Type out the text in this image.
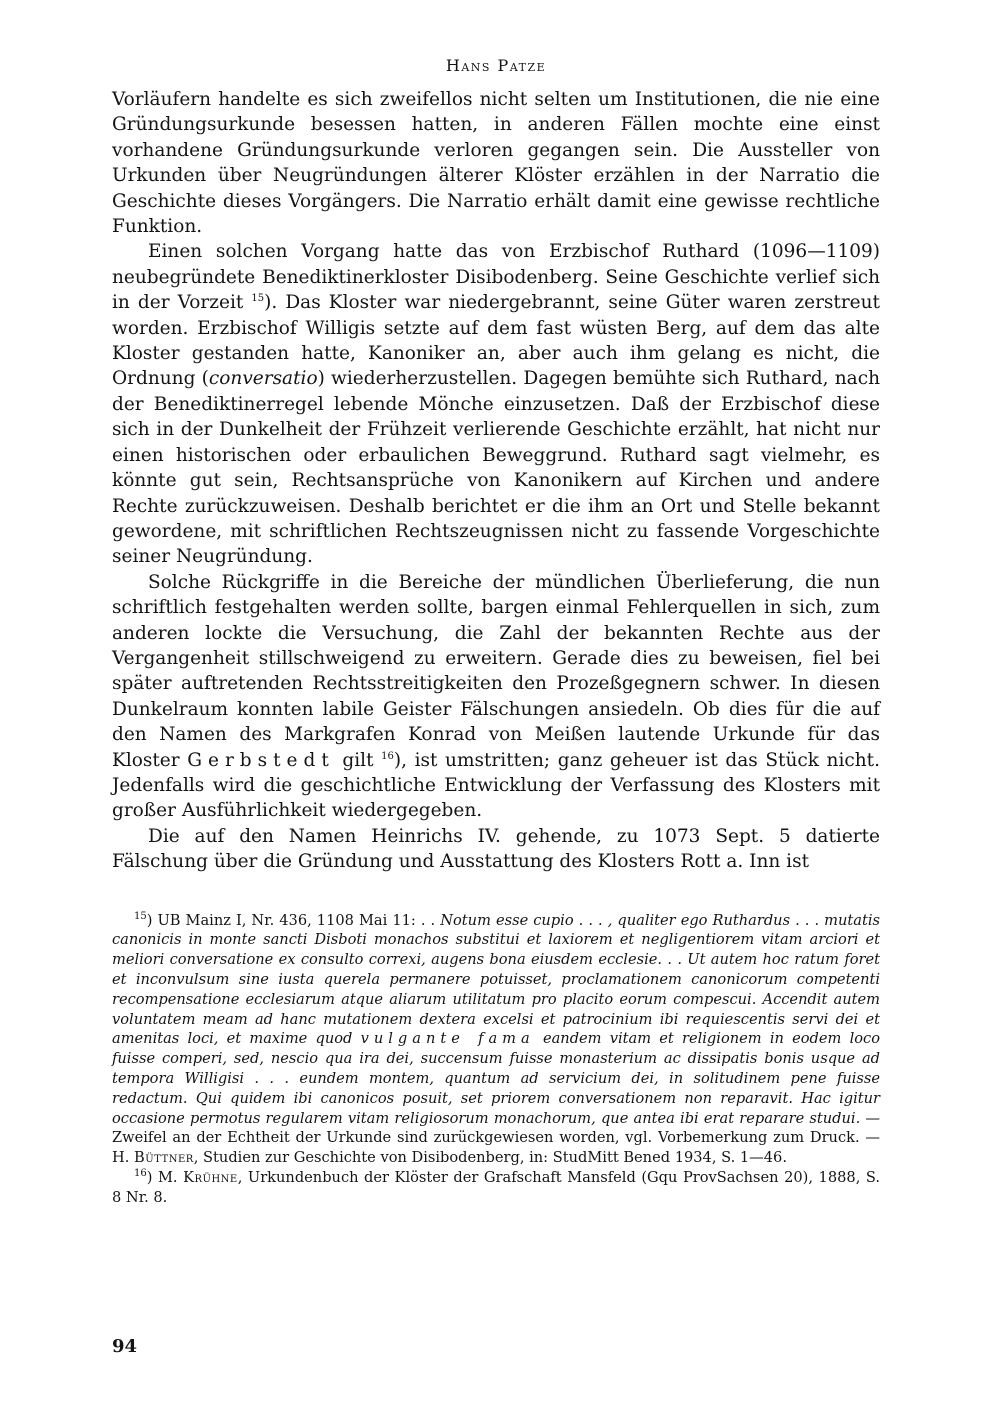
Hans Patze

Vorläufern handelte es sich zweifellos nicht selten um Institutionen, die nie eine Gründungsurkunde besessen hatten, in anderen Fällen mochte eine einst vorhandene Gründungsurkunde verloren gegangen sein. Die Aussteller von Urkunden über Neugründungen älterer Klöster erzählen in der Narratio die Geschichte dieses Vorgängers. Die Narratio erhält damit eine gewisse rechtliche Funktion.

Einen solchen Vorgang hatte das von Erzbischof Ruthard (1096—1109) neubegründete Benediktinerkloster Disibodenberg. Seine Geschichte verlief sich in der Vorzeit $^{15}$). Das Kloster war niedergebrannt, seine Güter waren zerstreut worden. Erzbischof Willigis setzte auf dem fast wüsten Berg, auf dem das alte Kloster gestanden hatte, Kanoniker an, aber auch ihm gelang es nicht, die Ordnung (conversatio) wiederherzustellen. Dagegen bemühte sich Ruthard, nach der Benediktinerregel lebende Mönche einzusetzen. Daß der Erzbischof diese sich in der Dunkelheit der Frühzeit verlierende Geschichte erzählt, hat nicht nur einen historischen oder erbaulichen Beweggrund. Ruthard sagt vielmehr, es könnte gut sein, Rechtsansprüche von Kanonikern auf Kirchen und andere Rechte zurückzuweisen. Deshalb berichtet er die ihm an Ort und Stelle bekannt gewordene, mit schriftlichen Rechtszeugnissen nicht zu fassende Vorgeschichte seiner Neugründung.

Solche Rückgriffe in die Bereiche der mündlichen Überlieferung, die nun schriftlich festgehalten werden sollte, bargen einmal Fehlerquellen in sich, zum anderen lockte die Versuchung, die Zahl der bekannten Rechte aus der Vergangenheit stillschweigend zu erweitern. Gerade dies zu beweisen, fiel bei später auftretenden Rechtsstreitigkeiten den Prozeßgegnern schwer. In diesen Dunkelraum konnten labile Geister Fälschungen ansiedeln. Ob dies für die auf den Namen des Markgrafen Konrad von Meißen lautende Urkunde für das Kloster Gerbstedt gilt $^{16}$), ist umstritten; ganz geheuer ist das Stück nicht. Jedenfalls wird die geschichtliche Entwicklung der Verfassung des Klosters mit großer Ausführlichkeit wiedergegeben.

Die auf den Namen Heinrichs IV. gehende, zu 1073 Sept. 5 datierte Fälschung über die Gründung und Ausstattung des Klosters Rott a. Inn ist

$^{15}$) UB Mainz I, Nr. 436, 1108 Mai 11: . . Notum esse cupio . . . , qualiter ego Ruthardus . . . mutatis canonicis in monte sancti Disboti monachos substitui et laxiorem et negligentiorem vitam arciori et meliori conversatione ex consulto correxi, augens bona eiusdem ecclesie. . . Ut autem hoc ratum foret et inconvulsum sine iusta querela permanere potuisset, proclamationem canonicorum competenti recompensatione ecclesiarum atque aliarum utilitatum pro placito eorum compescui. Accendit autem voluntatem meam ad hanc mutationem dextera excelsi et patrocinium ibi requiescentis servi dei et amenitas loci, et maxime quod vulgante fama eandem vitam et religionem in eodem loco fuisse comperi, sed, nescio qua ira dei, succensum fuisse monasterium ac dissipatis bonis usque ad tempora Willigisi . . . eundem montem, quantum ad servicium dei, in solitudinem pene fuisse redactum. Qui quidem ibi canonicos posuit, set priorem conversationem non reparavit. Hac igitur occasione permotus regularem vitam religiosorum monachorum, que antea ibi erat reparare studui. — Zweifel an der Echtheit der Urkunde sind zurückgewiesen worden, vgl. Vorbemerkung zum Druck. — H. Büttner, Studien zur Geschichte von Disibodenberg, in: StudMitt Bened 1934, S. 1—46.

$^{16}$) M. Krühne, Urkundenbuch der Klöster der Grafschaft Mansfeld (Gqu ProvSachsen 20), 1888, S. 8 Nr. 8.

94
